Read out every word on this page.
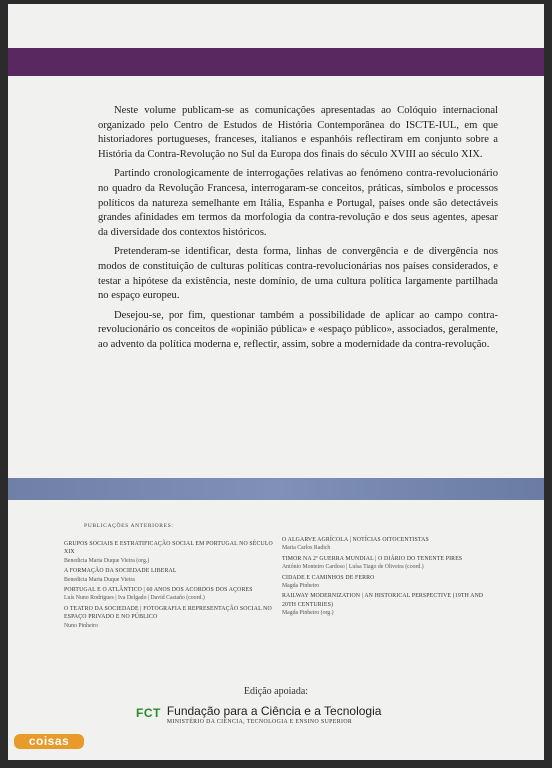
Neste volume publicam-se as comunicações apresentadas ao Colóquio internacional organizado pelo Centro de Estudos de História Contemporânea do ISCTE-IUL, em que historiadores portugueses, franceses, italianos e espanhóis reflectiram em conjunto sobre a História da Contra-Revolução no Sul da Europa dos finais do século XVIII ao século XIX.

Partindo cronologicamente de interrogações relativas ao fenómeno contra-revolucionário no quadro da Revolução Francesa, interrogaram-se conceitos, práticas, símbolos e processos políticos da natureza semelhante em Itália, Espanha e Portugal, países onde são detectáveis grandes afinidades em termos da morfologia da contra-revolução e dos seus agentes, apesar da diversidade dos contextos históricos.

Pretenderam-se identificar, desta forma, linhas de convergência e de divergência nos modos de constituição de culturas políticas contra-revolucionárias nos países considerados, e testar a hipótese da existência, neste domínio, de uma cultura política largamente partilhada no espaço europeu.

Desejou-se, por fim, questionar também a possibilidade de aplicar ao campo contra-revolucionário os conceitos de «opinião pública» e «espaço público», associados, geralmente, ao advento da política moderna e, reflectir, assim, sobre a modernidade da contra-revolução.

PUBLICAÇÕES ANTERIORES:
GRUPOS SOCIAIS E ESTRATIFICAÇÃO SOCIAL EM PORTUGAL NO SÉCULO XIX
Benedicta Maria Duque Vieira (org.)
A FORMAÇÃO DA SOCIEDADE LIBERAL
Benedicta Maria Duque Vieira
PORTUGAL E O ATLÂNTICO | 60 ANOS DOS ACORDOS DOS AÇORES
Luís Nuno Rodrigues | Iva Delgado | David Castaño (coord.)
O TEATRO DA SOCIEDADE | FOTOGRAFIA E REPRESENTAÇÃO SOCIAL NO ESPAÇO PRIVADO E NO PÚBLICO
Nuno Pinheiro
O ALGARVE AGRÍCOLA | NOTÍCIAS OITOCENTISTAS
Maria Carlos Radich
TIMOR NA 2ª GUERRA MUNDIAL | O DIÁRIO DO TENENTE PIRES
António Monteiro Cardoso | Luísa Tiago de Oliveira (coord.)
CIDADE E CAMINHOS DE FERRO
Magda Pinheiro
RAILWAY MODERNIZATION | AN HISTORICAL PERSPECTIVE (19TH AND 20TH CENTURIES)
Magda Pinheiro (org.)
Edição apoiada:
FCT Fundação para a Ciência e a Tecnologia
MINISTÉRIO DA CIÊNCIA, TECNOLOGIA E ENSINO SUPERIOR
coisas
